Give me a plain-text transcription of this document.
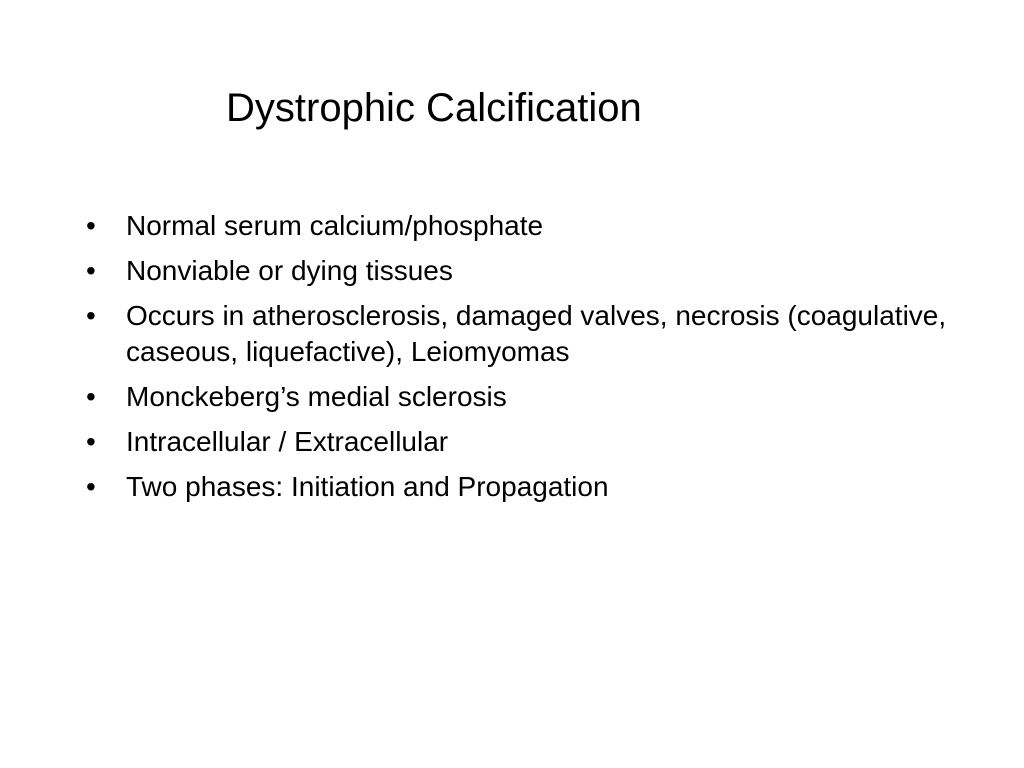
Dystrophic Calcification
•	Normal serum calcium/phosphate
•	Nonviable or dying tissues
•	Occurs in atherosclerosis, damaged valves, necrosis (coagulative, caseous, liquefactive), Leiomyomas
•	Monckeberg’s medial sclerosis
•	Intracellular / Extracellular
•	Two phases: Initiation and Propagation
